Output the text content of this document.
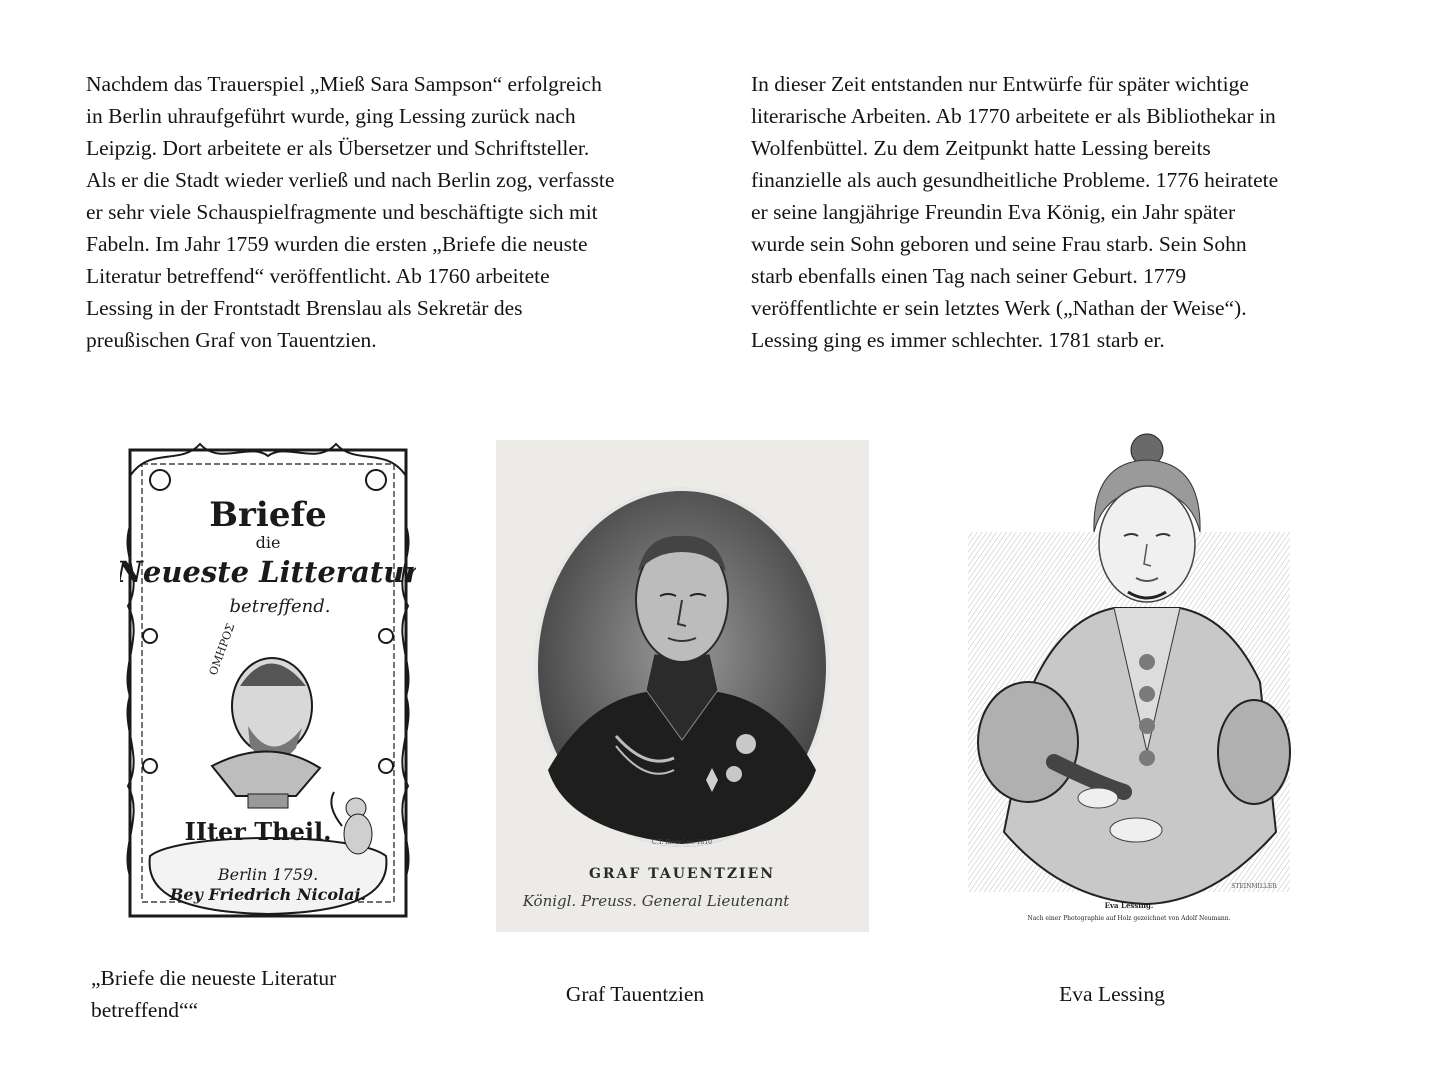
Nachdem das Trauerspiel „Mieß Sara Sampson“ erfolgreich
in Berlin uhraufgeführt wurde, ging Lessing zurück nach
Leipzig. Dort arbeitete er als Übersetzer und Schriftsteller.
Als er die Stadt wieder verließ und nach Berlin zog, verfasste
er sehr viele Schauspielfragmente und beschäftigte sich mit
Fabeln. Im Jahr 1759 wurden die ersten „Briefe die neuste
Literatur betreffend“ veröffentlicht. Ab 1760 arbeitete
Lessing in der Frontstadt Brenslau als Sekretär des
preußischen Graf von Tauentzien.
In dieser Zeit entstanden nur Entwürfe für später wichtige
literarische Arbeiten. Ab 1770 arbeitete er als Bibliothekar in
Wolfenbüttel. Zu dem Zeitpunkt hatte Lessing bereits
finanzielle als auch gesundheitliche Probleme. 1776 heiratete
er seine langjährige Freundin Eva König, ein Jahr später
wurde sein Sohn geboren und seine Frau starb. Sein Sohn
starb ebenfalls einen Tag nach seiner Geburt. 1779
veröffentlichte er sein letztes Werk („Nathan der Weise“).
Lessing ging es immer schlechter. 1781 starb er.
Briefe
die
Neueste Litteratur
betreffend.
ΟΜΗΡΟΣ
IIter Theil.
Berlin 1759.
Bey Friedrich Nicolai.
C.T. Riedel sc. 1810
GRAF TAUENTZIEN
Königl. Preuss. General Lieutenant
STEINMILLER
Eva Lessing.
Nach einer Photographie auf Holz gezeichnet von Adolf Neumann.
„Briefe die neueste Literatur
betreffend““
Graf Tauentzien	Eva Lessing
